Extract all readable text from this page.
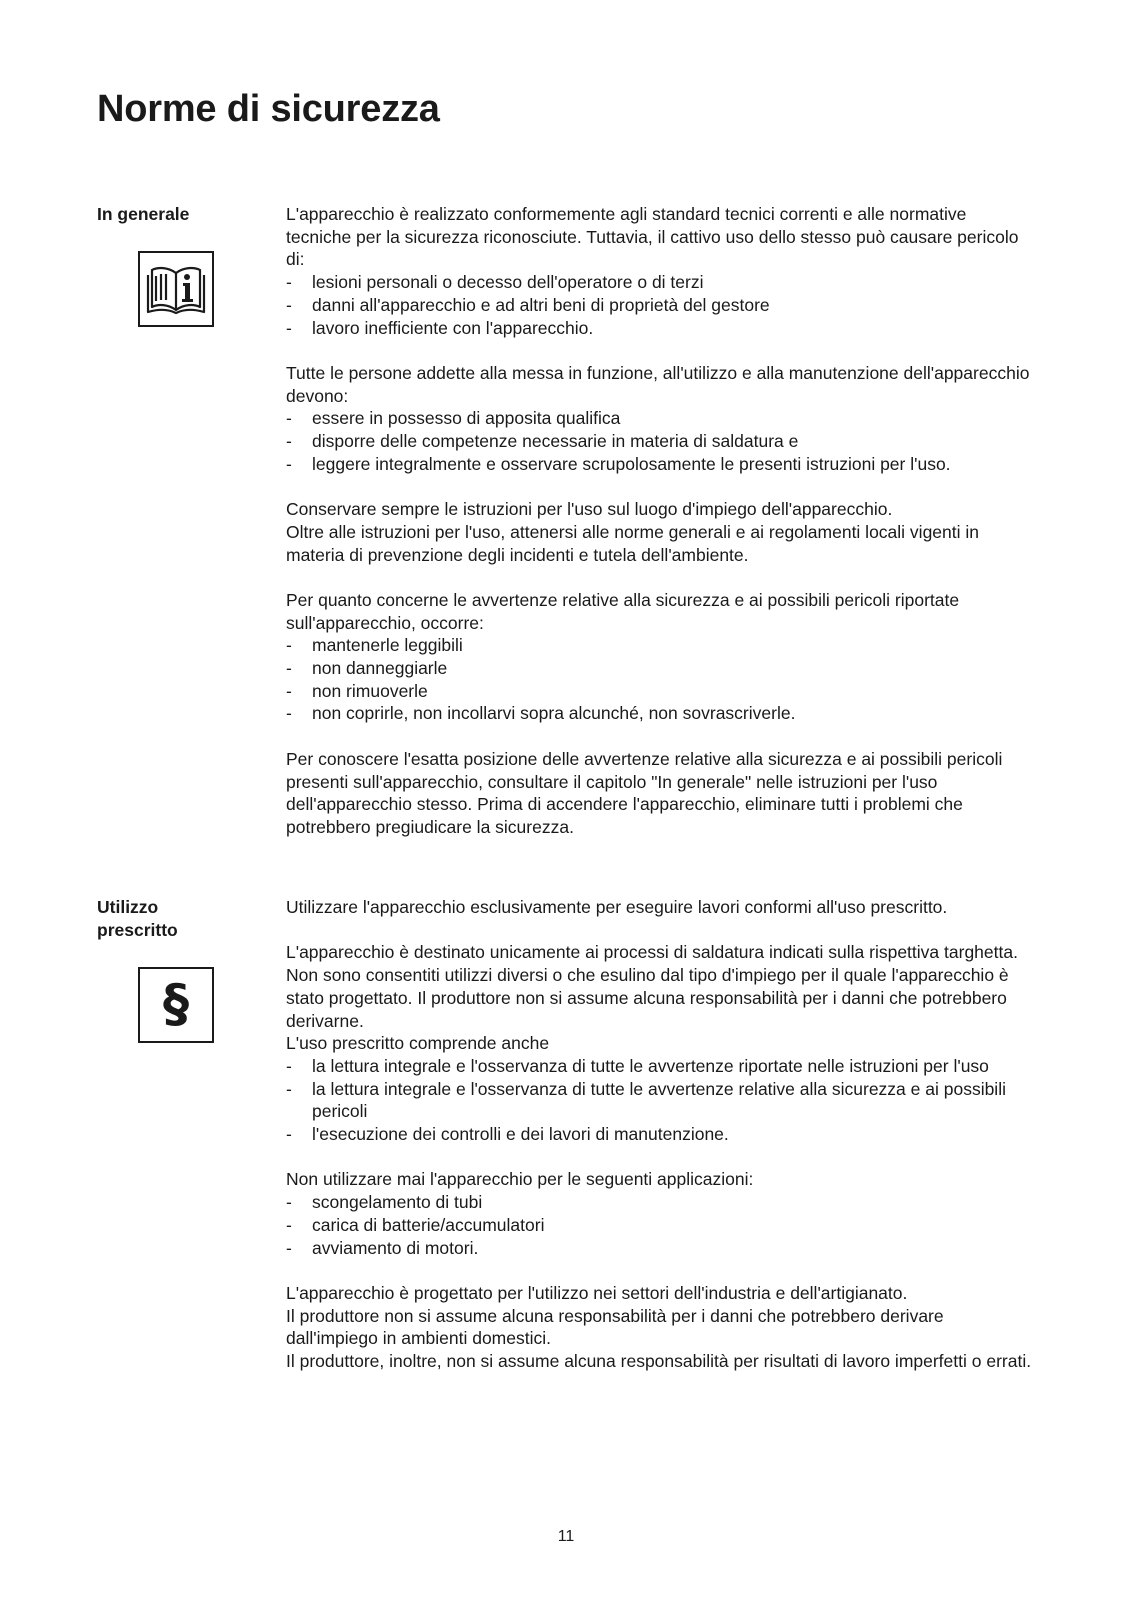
Norme di sicurezza
In generale	L'apparecchio è realizzato conformemente agli standard tecnici correnti e alle normative tecniche per la sicurezza riconosciute. Tuttavia, il cattivo uso dello stesso può causare pericolo di:

- lesioni personali o decesso dell'operatore o di terzi
- danni all'apparecchio e ad altri beni di proprietà del gestore
- lavoro inefficiente con l'apparecchio.

Tutte le persone addette alla messa in funzione, all'utilizzo e alla manutenzione dell'apparecchio devono:

- essere in possesso di apposita qualifica
- disporre delle competenze necessarie in materia di saldatura e
- leggere integralmente e osservare scrupolosamente le presenti istruzioni per l'uso.

Conservare sempre le istruzioni per l'uso sul luogo d'impiego dell'apparecchio.

Oltre alle istruzioni per l'uso, attenersi alle norme generali e ai regolamenti locali vigenti in materia di prevenzione degli incidenti e tutela dell'ambiente.

Per quanto concerne le avvertenze relative alla sicurezza e ai possibili pericoli riportate sull'apparecchio, occorre:

- mantenerle leggibili
- non danneggiarle
- non rimuoverle
- non coprirle, non incollarvi sopra alcunché, non sovrascriverle.

Per conoscere l'esatta posizione delle avvertenze relative alla sicurezza e ai possibili pericoli presenti sull'apparecchio, consultare il capitolo "In generale" nelle istruzioni per l'uso dell'apparecchio stesso. Prima di accendere l'apparecchio, eliminare tutti i problemi che potrebbero pregiudicare la sicurezza.

Utilizzo
prescritto
§

Utilizzare l'apparecchio esclusivamente per eseguire lavori conformi all'uso prescritto.

L'apparecchio è destinato unicamente ai processi di saldatura indicati sulla rispettiva targhetta. Non sono consentiti utilizzi diversi o che esulino dal tipo d'impiego per il quale l'apparecchio è stato progettato. Il produttore non si assume alcuna responsabilità per i danni che potrebbero derivarne.

L'uso prescritto comprende anche

- la lettura integrale e l'osservanza di tutte le avvertenze riportate nelle istruzioni per l'uso
- la lettura integrale e l'osservanza di tutte le avvertenze relative alla sicurezza e ai possibili pericoli
- l'esecuzione dei controlli e dei lavori di manutenzione.

Non utilizzare mai l'apparecchio per le seguenti applicazioni:

- scongelamento di tubi
- carica di batterie/accumulatori
- avviamento di motori.

L'apparecchio è progettato per l'utilizzo nei settori dell'industria e dell'artigianato.

Il produttore non si assume alcuna responsabilità per i danni che potrebbero derivare dall'impiego in ambienti domestici.

Il produttore, inoltre, non si assume alcuna responsabilità per risultati di lavoro imperfetti o errati.

11
